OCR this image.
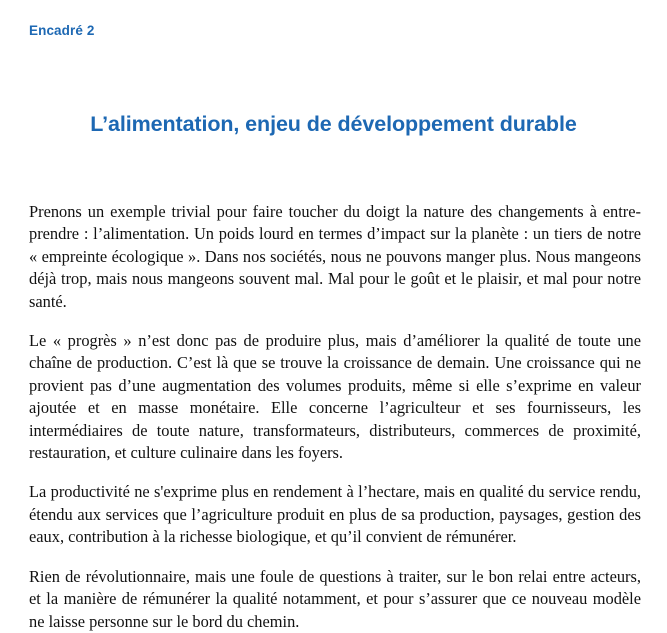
Encadré 2
L’alimentation, enjeu de développement durable

Prenons un exemple trivial pour faire toucher du doigt la nature des changements à entre-prendre : l’alimentation. Un poids lourd en termes d’impact sur la planète : un tiers de notre « empreinte écologique ». Dans nos sociétés, nous ne pouvons manger plus. Nous mangeons déjà trop, mais nous mangeons souvent mal. Mal pour le goût et le plaisir, et mal pour notre santé.

Le « progrès » n’est donc pas de produire plus, mais d’améliorer la qualité de toute une chaîne de production. C’est là que se trouve la croissance de demain. Une croissance qui ne provient pas d’une augmentation des volumes produits, même si elle s’exprime en valeur ajoutée et en masse monétaire. Elle concerne l’agriculteur et ses fournisseurs, les intermédiaires de toute nature, transformateurs, distributeurs, commerces de proximité, restauration, et culture culinaire dans les foyers.

La productivité ne s'exprime plus en rendement à l’hectare, mais en qualité du service rendu, étendu aux services que l’agriculture produit en plus de sa production, paysages, gestion des eaux, contribution à la richesse biologique, et qu’il convient de rémunérer.

Rien de révolutionnaire, mais une foule de questions à traiter, sur le bon relai entre acteurs, et la manière de rémunérer la qualité notamment, et pour s’assurer que ce nouveau modèle ne laisse personne sur le bord du chemin.
